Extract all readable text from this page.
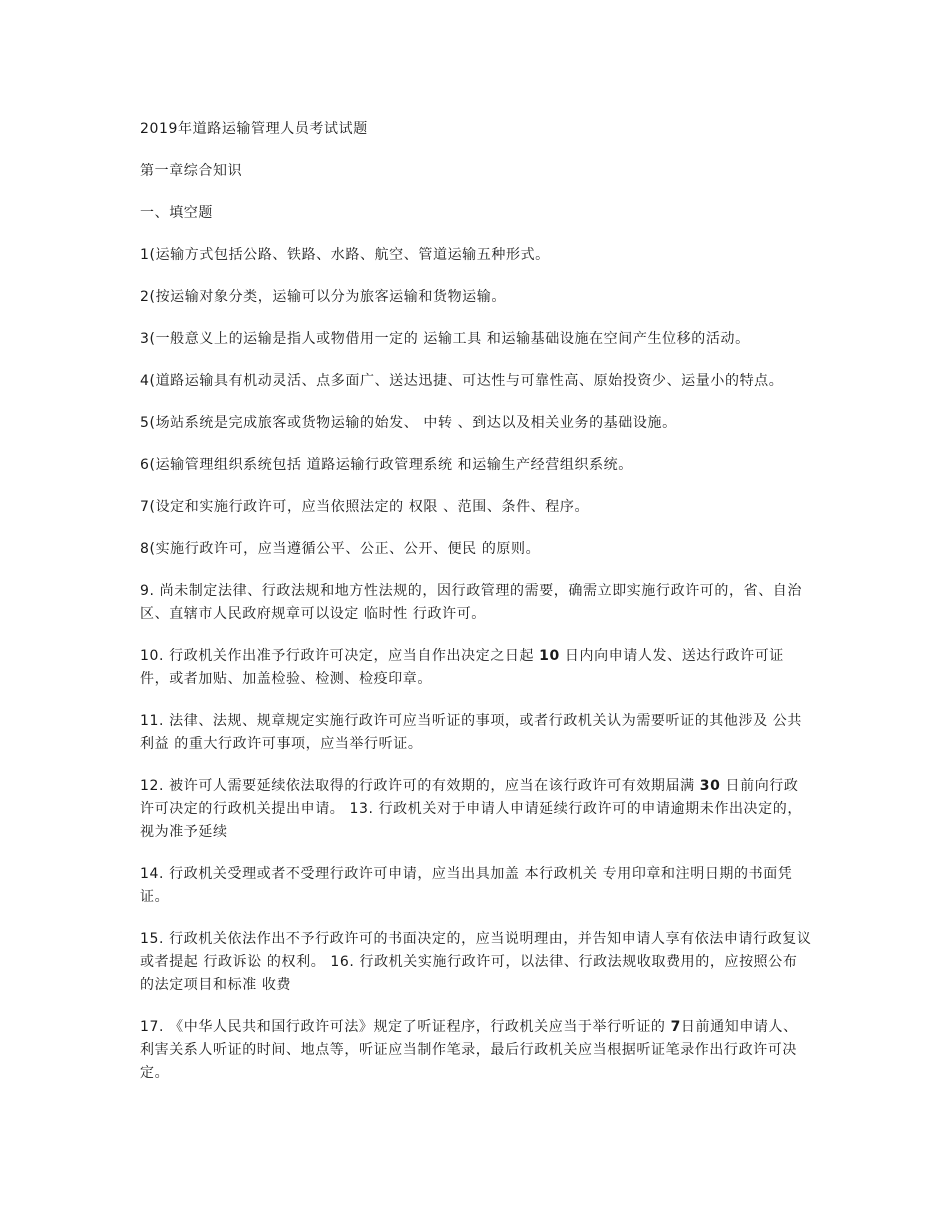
2019年道路运输管理人员考试试题

第一章综合知识

一、填空题

1(运输方式包括公路、铁路、水路、航空、管道运输五种形式。

2(按运输对象分类，运输可以分为旅客运输和货物运输。

3(一般意义上的运输是指人或物借用一定的 运输工具 和运输基础设施在空间产生位移的活动。

4(道路运输具有机动灵活、点多面广、送达迅捷、可达性与可靠性高、原始投资少、运量小的特点。

5(场站系统是完成旅客或货物运输的始发、 中转 、到达以及相关业务的基础设施。

6(运输管理组织系统包括 道路运输行政管理系统 和运输生产经营组织系统。

7(设定和实施行政许可，应当依照法定的 权限 、范围、条件、程序。

8(实施行政许可，应当遵循公平、公正、公开、便民 的原则。

9. 尚未制定法律、行政法规和地方性法规的，因行政管理的需要，确需立即实施行政许可的，省、自治区、直辖市人民政府规章可以设定 临时性 行政许可。

10. 行政机关作出准予行政许可决定，应当自作出决定之日起 10 日内向申请人发、送达行政许可证件，或者加贴、加盖检验、检测、检疫印章。

11. 法律、法规、规章规定实施行政许可应当听证的事项，或者行政机关认为需要听证的其他涉及 公共利益 的重大行政许可事项，应当举行听证。

12. 被许可人需要延续依法取得的行政许可的有效期的，应当在该行政许可有效期届满 30 日前向行政许可决定的行政机关提出申请。 13. 行政机关对于申请人申请延续行政许可的申请逾期未作出决定的，视为准予延续

14. 行政机关受理或者不受理行政许可申请，应当出具加盖 本行政机关 专用印章和注明日期的书面凭证。

15. 行政机关依法作出不予行政许可的书面决定的，应当说明理由，并告知申请人享有依法申请行政复议或者提起 行政诉讼 的权利。 16. 行政机关实施行政许可，以法律、行政法规收取费用的，应按照公布的法定项目和标准 收费

17. 《中华人民共和国行政许可法》规定了听证程序，行政机关应当于举行听证的 7日前通知申请人、利害关系人听证的时间、地点等，听证应当制作笔录，最后行政机关应当根据听证笔录作出行政许可决定。
